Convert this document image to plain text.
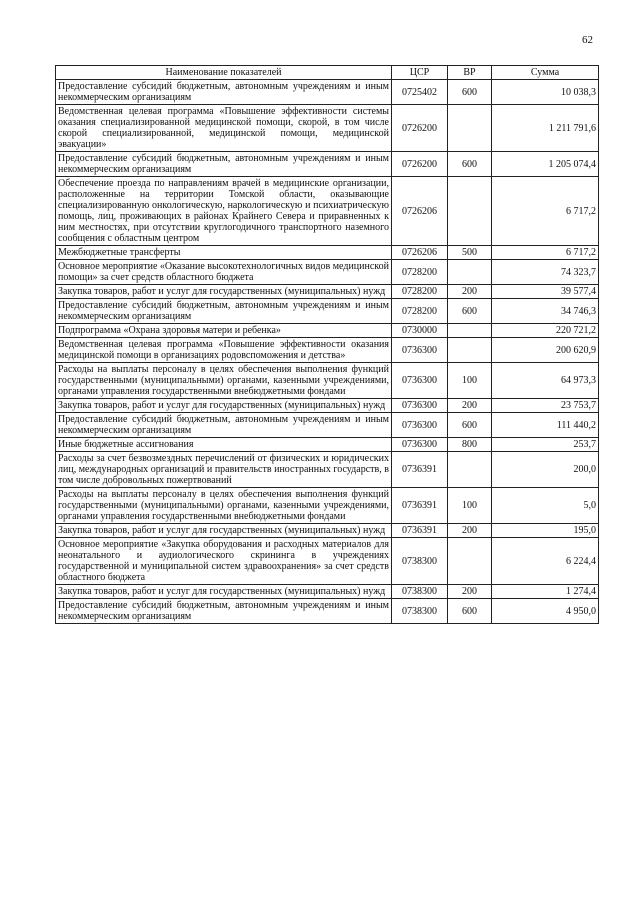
62
Наименование показателей	ЦСР	ВР	Сумма
Предоставление субсидий бюджетным, автономным учреждениям и иным некоммерческим организациям	0725402	600	10 038,3
Ведомственная целевая программа «Повышение эффективности системы оказания специализированной медицинской помощи, скорой, в том числе скорой специализированной, медицинской помощи, медицинской эвакуации»	0726200		1 211 791,6
Предоставление субсидий бюджетным, автономным учреждениям и иным некоммерческим организациям	0726200	600	1 205 074,4
Обеспечение проезда по направлениям врачей в медицинские организации, расположенные на территории Томской области, оказывающие специализированную онкологическую, наркологическую и психиатрическую помощь, лиц, проживающих в районах Крайнего Севера и приравненных к ним местностях, при отсутствии круглогодичного транспортного наземного сообщения с областным центром	0726206		6 717,2
Межбюджетные трансферты	0726206	500	6 717,2
Основное мероприятие «Оказание высокотехнологичных видов медицинской помощи» за счет средств областного бюджета	0728200		74 323,7
Закупка товаров, работ и услуг для государственных (муниципальных) нужд	0728200	200	39 577,4
Предоставление субсидий бюджетным, автономным учреждениям и иным некоммерческим организациям	0728200	600	34 746,3
Подпрограмма «Охрана здоровья матери и ребенка»	0730000		220 721,2
Ведомственная целевая программа «Повышение эффективности оказания медицинской помощи в организациях родовспоможения и детства»	0736300		200 620,9
Расходы на выплаты персоналу в целях обеспечения выполнения функций государственными (муниципальными) органами, казенными учреждениями, органами управления государственными внебюджетными фондами	0736300	100	64 973,3
Закупка товаров, работ и услуг для государственных (муниципальных) нужд	0736300	200	23 753,7
Предоставление субсидий бюджетным, автономным учреждениям и иным некоммерческим организациям	0736300	600	111 440,2
Иные бюджетные ассигнования	0736300	800	253,7
Расходы за счет безвозмездных перечислений от физических и юридических лиц, международных организаций и правительств иностранных государств, в том числе добровольных пожертвований	0736391		200,0
Расходы на выплаты персоналу в целях обеспечения выполнения функций государственными (муниципальными) органами, казенными учреждениями, органами управления государственными внебюджетными фондами	0736391	100	5,0
Закупка товаров, работ и услуг для государственных (муниципальных) нужд	0736391	200	195,0
Основное мероприятие «Закупка оборудования и расходных материалов для неонатального и аудиологического скрининга в учреждениях государственной и муниципальной систем здравоохранения» за счет средств областного бюджета	0738300		6 224,4
Закупка товаров, работ и услуг для государственных (муниципальных) нужд	0738300	200	1 274,4
Предоставление субсидий бюджетным, автономным учреждениям и иным некоммерческим организациям	0738300	600	4 950,0
